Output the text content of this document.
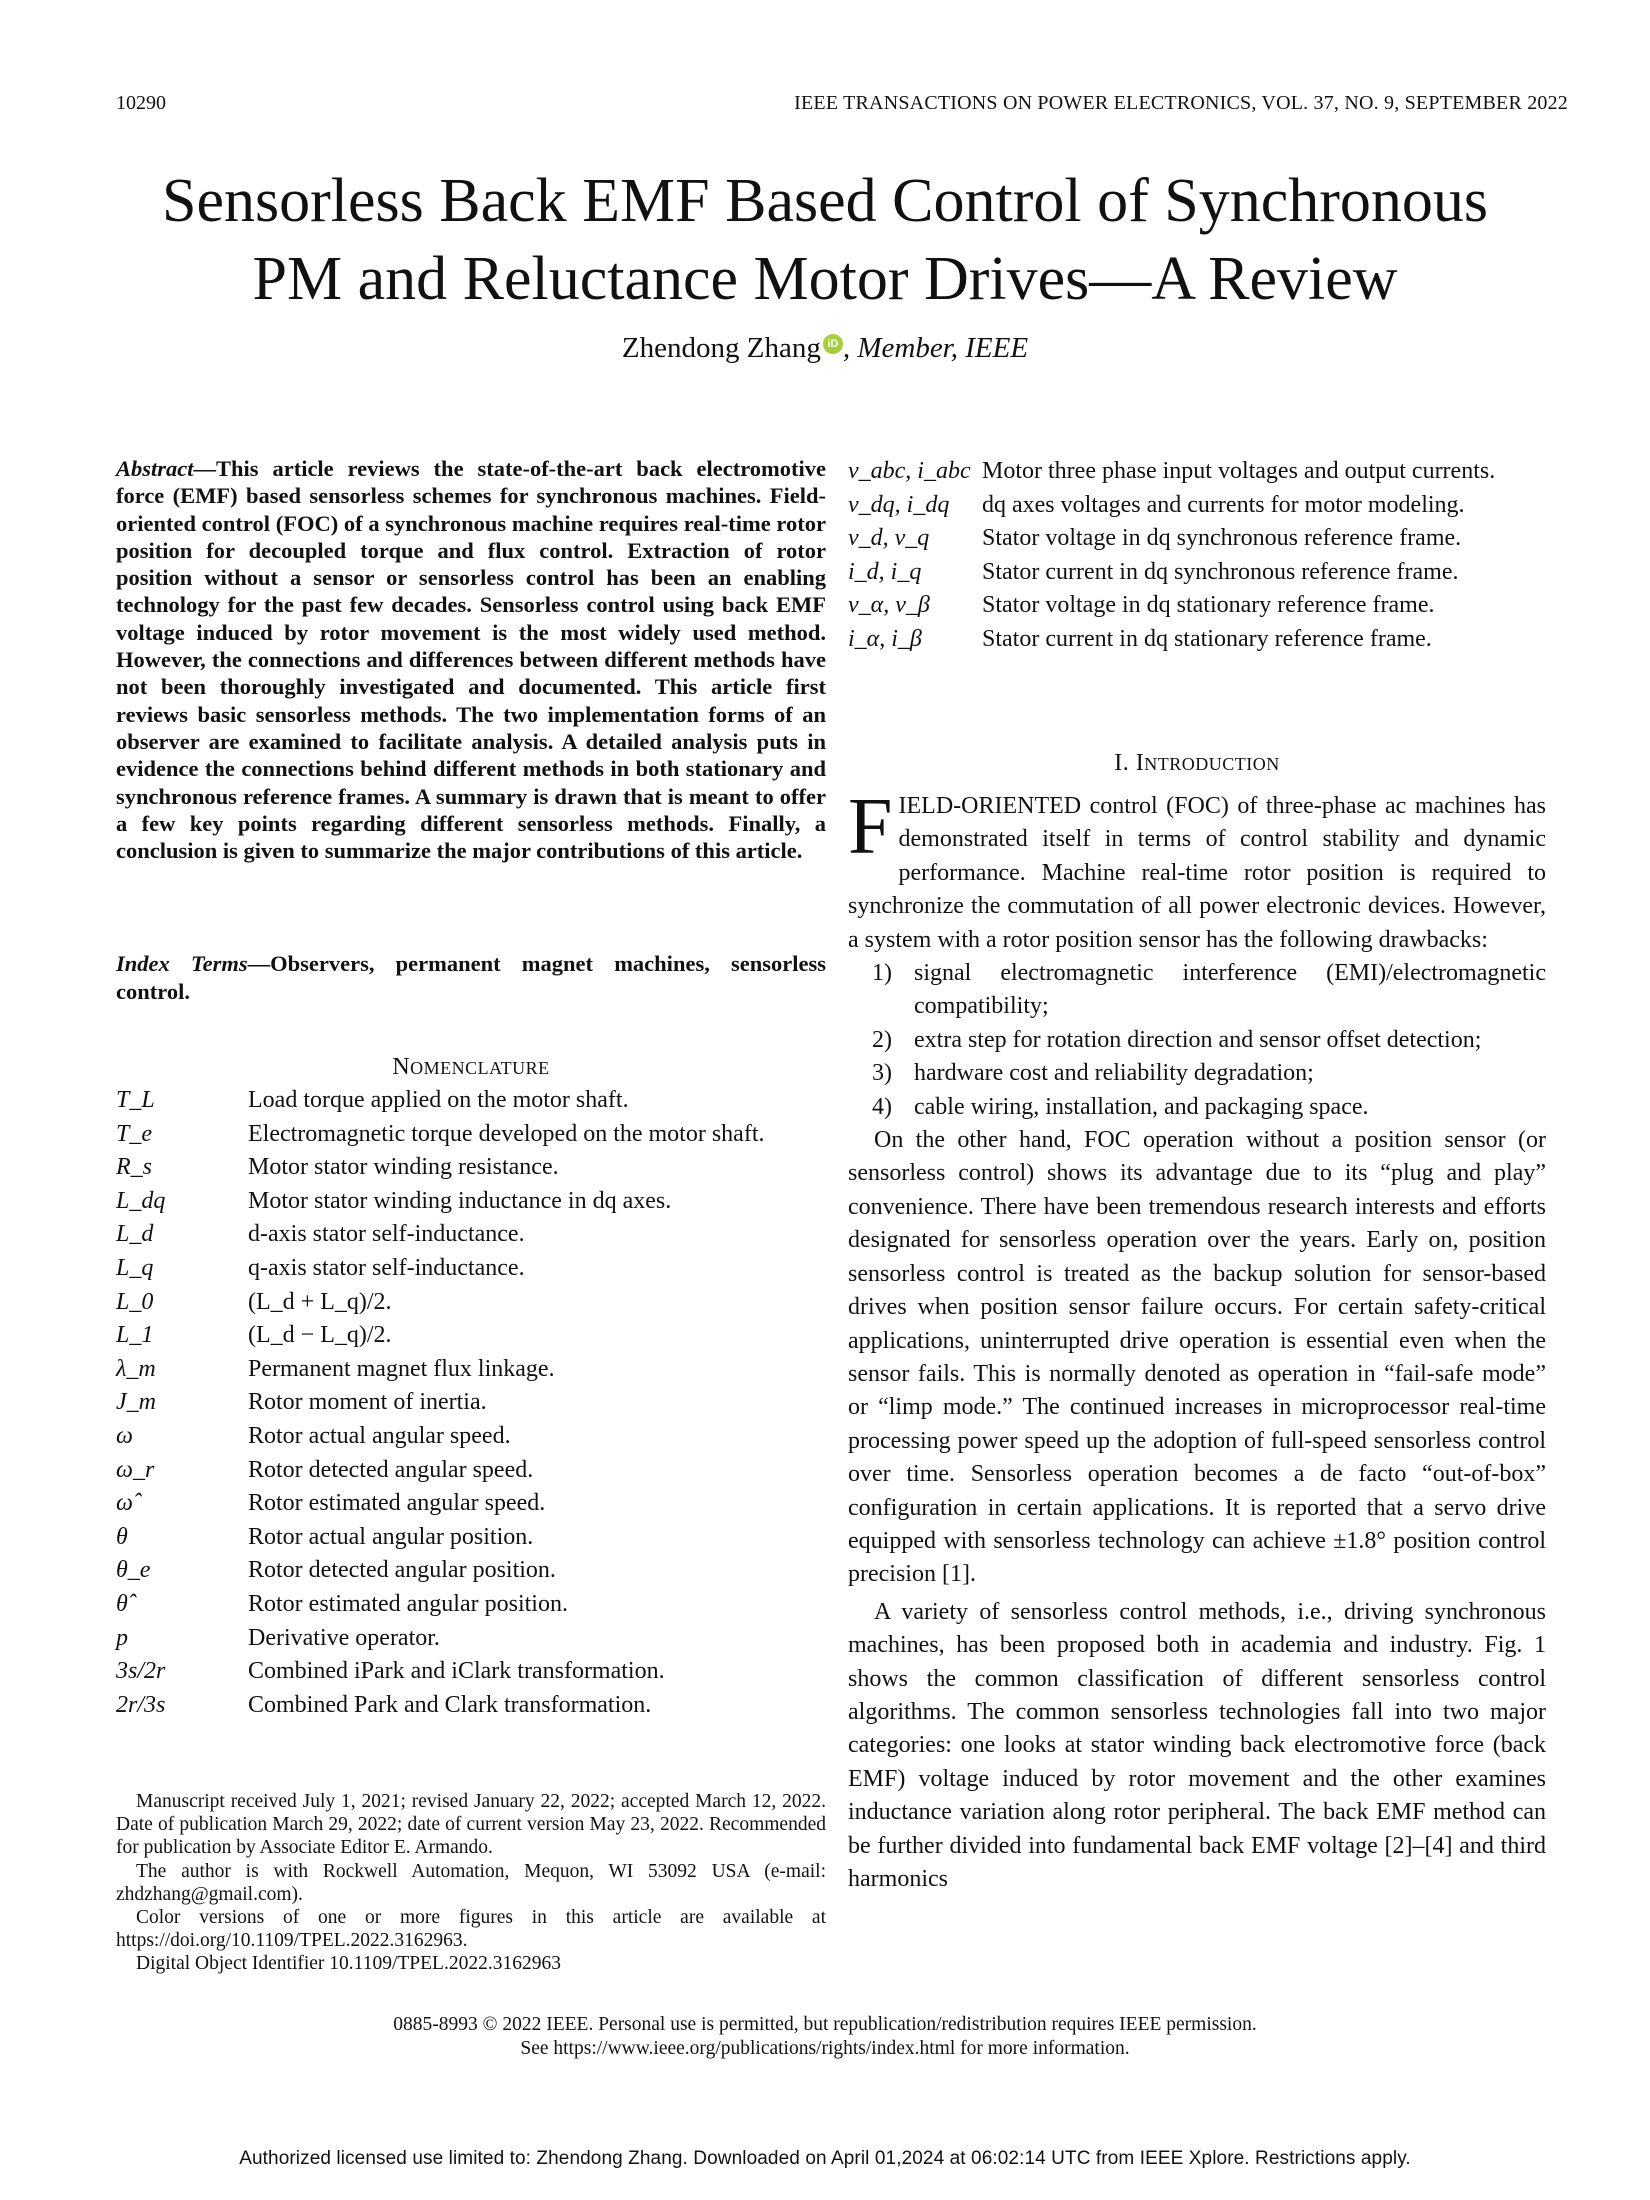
10290	IEEE TRANSACTIONS ON POWER ELECTRONICS, VOL. 37, NO. 9, SEPTEMBER 2022
Sensorless Back EMF Based Control of Synchronous
PM and Reluctance Motor Drives—A Review
Zhendong Zhang iD , Member, IEEE
Abstract—This article reviews the state-of-the-art back electromotive force (EMF) based sensorless schemes for synchronous machines. Field-oriented control (FOC) of a synchronous machine requires real-time rotor position for decoupled torque and flux control. Extraction of rotor position without a sensor or sensorless control has been an enabling technology for the past few decades. Sensorless control using back EMF voltage induced by rotor movement is the most widely used method. However, the connections and differences between different methods have not been thoroughly investigated and documented. This article first reviews basic sensorless methods. The two implementation forms of an observer are examined to facilitate analysis. A detailed analysis puts in evidence the connections behind different methods in both stationary and synchronous reference frames. A summary is drawn that is meant to offer a few key points regarding different sensorless methods. Finally, a conclusion is given to summarize the major contributions of this article.
Index Terms—Observers, permanent magnet machines, sensorless control.
NOMENCLATURE
T_L	Load torque applied on the motor shaft.
T_e	Electromagnetic torque developed on the motor shaft.
R_s	Motor stator winding resistance.
L_dq	Motor stator winding inductance in dq axes.
L_d	d-axis stator self-inductance.
L_q	q-axis stator self-inductance.
L_0	(L_d + L_q)/2.
L_1	(L_d − L_q)/2.
λ_m	Permanent magnet flux linkage.
J_m	Rotor moment of inertia.
ω	Rotor actual angular speed.
ω_r	Rotor detected angular speed.
ω̂	Rotor estimated angular speed.
θ	Rotor actual angular position.
θ_e	Rotor detected angular position.
θ̂	Rotor estimated angular position.
p	Derivative operator.
3s/2r	Combined iPark and iClark transformation.
2r/3s	Combined Park and Clark transformation.

Manuscript received July 1, 2021; revised January 22, 2022; accepted March 12, 2022. Date of publication March 29, 2022; date of current version May 23, 2022. Recommended for publication by Associate Editor E. Armando.

The author is with Rockwell Automation, Mequon, WI 53092 USA (e-mail: zhdzhang@gmail.com).

Color versions of one or more figures in this article are available at https://doi.org/10.1109/TPEL.2022.3162963.

Digital Object Identifier 10.1109/TPEL.2022.3162963

v_abc, i_abc Motor three phase input voltages and output currents.
v_dq, i_dq	dq axes voltages and currents for motor modeling.
v_d, v_q	Stator voltage in dq synchronous reference frame.
i_d, i_q	Stator current in dq synchronous reference frame.
v_α, v_β	Stator voltage in dq stationary reference frame.
i_α, i_β	Stator current in dq stationary reference frame.
I. INTRODUCTION

FIELD-ORIENTED control (FOC) of three-phase ac machines has demonstrated itself in terms of control stability and dynamic performance. Machine real-time rotor position is required to synchronize the commutation of all power electronic devices. However, a system with a rotor position sensor has the following drawbacks:

1) signal electromagnetic interference (EMI)/electromagnetic compatibility;
2) extra step for rotation direction and sensor offset detection;
3) hardware cost and reliability degradation;
4) cable wiring, installation, and packaging space.

On the other hand, FOC operation without a position sensor (or sensorless control) shows its advantage due to its “plug and play” convenience. There have been tremendous research interests and efforts designated for sensorless operation over the years. Early on, position sensorless control is treated as the backup solution for sensor-based drives when position sensor failure occurs. For certain safety-critical applications, uninterrupted drive operation is essential even when the sensor fails. This is normally denoted as operation in “fail-safe mode” or “limp mode.” The continued increases in microprocessor real-time processing power speed up the adoption of full-speed sensorless control over time. Sensorless operation becomes a de facto “out-of-box” configuration in certain applications. It is reported that a servo drive equipped with sensorless technology can achieve ±1.8° position control precision [1].

A variety of sensorless control methods, i.e., driving synchronous machines, has been proposed both in academia and industry. Fig. 1 shows the common classification of different sensorless control algorithms. The common sensorless technologies fall into two major categories: one looks at stator winding back electromotive force (back EMF) voltage induced by rotor movement and the other examines inductance variation along rotor peripheral. The back EMF method can be further divided into fundamental back EMF voltage [2]–[4] and third harmonics

0885-8993 © 2022 IEEE. Personal use is permitted, but republication/redistribution requires IEEE permission.
See https://www.ieee.org/publications/rights/index.html for more information.
Authorized licensed use limited to: Zhendong Zhang. Downloaded on April 01,2024 at 06:02:14 UTC from IEEE Xplore. Restrictions apply.
